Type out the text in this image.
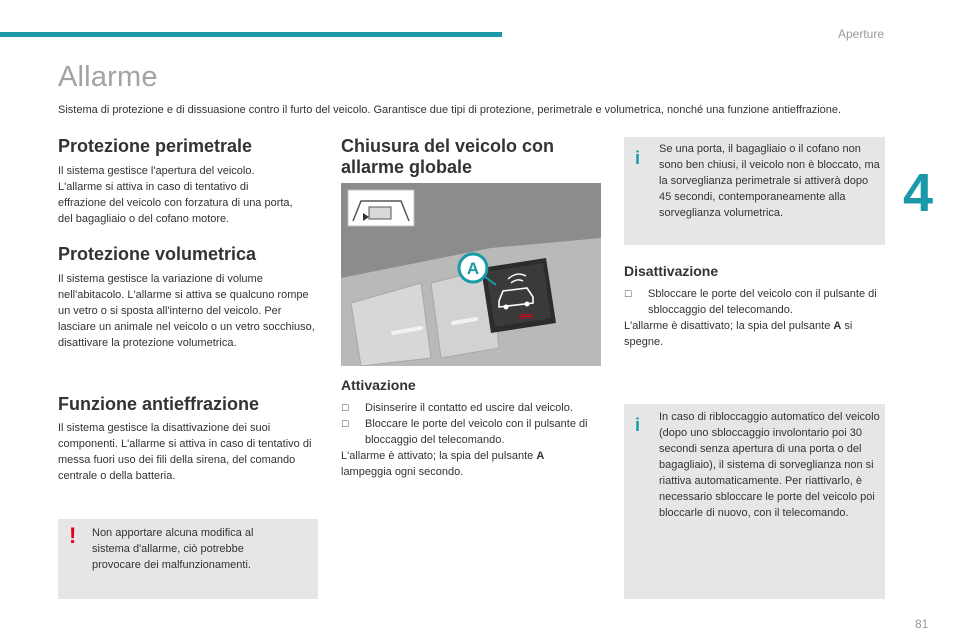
Aperture
4
Allarme
Sistema di protezione e di dissuasione contro il furto del veicolo. Garantisce due tipi di protezione, perimetrale e volumetrica, nonché una funzione antieffrazione.
Protezione perimetrale

Il sistema gestisce l'apertura del veicolo. L'allarme si attiva in caso di tentativo di effrazione del veicolo con forzatura di una porta, del bagagliaio o del cofano motore.

Protezione volumetrica

Il sistema gestisce la variazione di volume nell'abitacolo. L'allarme si attiva se qualcuno rompe un vetro o si sposta all'interno del veicolo. Per lasciare un animale nel veicolo o un vetro socchiuso, disattivare la protezione volumetrica.

Funzione antieffrazione

Il sistema gestisce la disattivazione dei suoi componenti. L'allarme si attiva in caso di tentativo di messa fuori uso dei fili della sirena, del comando centrale o della batteria.

! Non apportare alcuna modifica al sistema d'allarme, ciò potrebbe provocare dei malfunzionamenti.
Chiusura del veicolo con allarme globale
OFF
A
Attivazione
☐	Disinserire il contatto ed uscire dal veicolo.
☐	Bloccare le porte del veicolo con il pulsante di bloccaggio del telecomando.

L'allarme è attivato; la spia del pulsante A lampeggia ogni secondo.

i Se una porta, il bagagliaio o il cofano non sono ben chiusi, il veicolo non è bloccato, ma la sorveglianza perimetrale si attiverà dopo 45 secondi, contemporaneamente alla sorveglianza volumetrica.
Disattivazione
☐	Sbloccare le porte del veicolo con il pulsante di sbloccaggio del telecomando.

L'allarme è disattivato; la spia del pulsante A si spegne.

i In caso di ribloccaggio automatico del veicolo (dopo uno sbloccaggio involontario poi 30 secondi senza apertura di una porta o del bagagliaio), il sistema di sorveglianza non si riattiva automaticamente. Per riattivarlo, è necessario sbloccare le porte del veicolo poi bloccarle di nuovo, con il telecomando.
81
